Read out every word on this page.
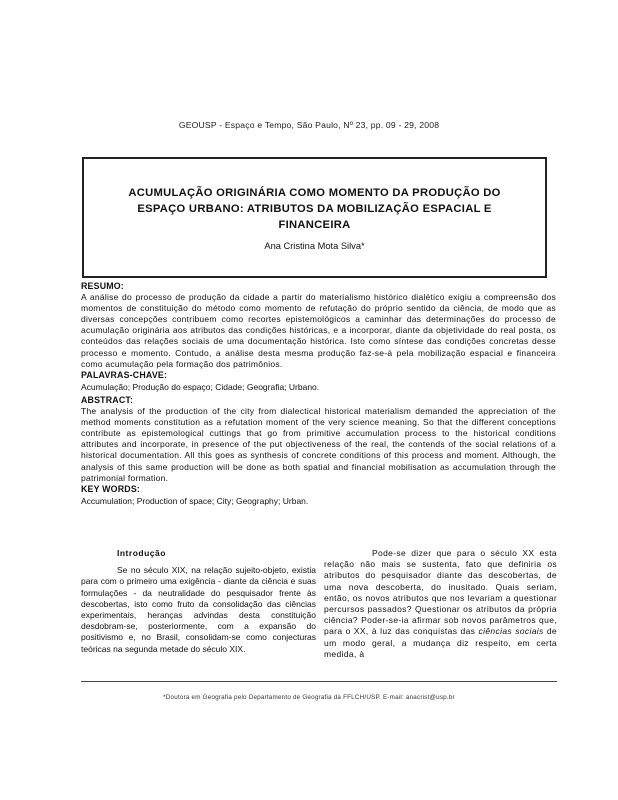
GEOUSP - Espaço e Tempo, São Paulo, Nº 23, pp. 09 - 29, 2008
ACUMULAÇÃO ORIGINÁRIA COMO MOMENTO DA PRODUÇÃO DO
ESPAÇO URBANO: ATRIBUTOS DA MOBILIZAÇÃO ESPACIAL E
FINANCEIRA
Ana Cristina Mota Silva*
RESUMO:

A análise do processo de produção da cidade a partir do materialismo histórico dialético exigiu a compreensão dos momentos de constituição do método como momento de refutação do próprio sentido da ciência, de modo que as diversas concepções contribuem como recortes epistemológicos a caminhar das determinações do processo de acumulação originária aos atributos das condições históricas, e a incorporar, diante da objetividade do real posta, os conteúdos das relações sociais de uma documentação histórica. Isto como síntese das condições concretas desse processo e momento. Contudo, a análise desta mesma produção faz-se-á pela mobilização espacial e financeira como acumulação pela formação dos patrimônios.

PALAVRAS-CHAVE:

Acumulação; Produção do espaço; Cidade; Geografia; Urbano.

ABSTRACT:

The analysis of the production of the city from dialectical historical materialism demanded the appreciation of the method moments constitution as a refutation moment of the very science meaning. So that the different conceptions contribute as epistemological cuttings that go from primitive accumulation process to the historical conditions attributes and incorporate, in presence of the put objectiveness of the real, the contends of the social relations of a historical documentation. All this goes as synthesis of concrete conditions of this process and moment. Although, the analysis of this same production will be done as both spatial and financial mobilisation as accumulation through the patrimonial formation.

KEY WORDS:

Accumulation; Production of space; City; Geography; Urban.

Introdução

Se no século XIX, na relação sujeito-objeto, existia para com o primeiro uma exigência - diante da ciência e suas formulações - da neutralidade do pesquisador frente às descobertas, isto como fruto da consolidação das ciências experimentais, heranças advindas desta constituição desdobram-se, posteriormente, com a expansão do positivismo e, no Brasil, consolidam-se como conjecturas teóricas na segunda metade do século XIX.

Pode-se dizer que para o século XX esta relação não mais se sustenta, fato que definiria os atributos do pesquisador diante das descobertas, de uma nova descoberta, do inusitado. Quais seriam, então, os novos atributos que nos levariam a questionar percursos passados? Questionar os atributos da própria ciência? Poder-se-ia afirmar sob novos parâmetros que, para o XX, à luz das conquistas das ciências sociais de um modo geral, a mudança diz respeito, em certa medida, à

*Doutora em Geografia pelo Departamento de Geografia da FFLCH/USP. E-mail: anacrist@usp.br
